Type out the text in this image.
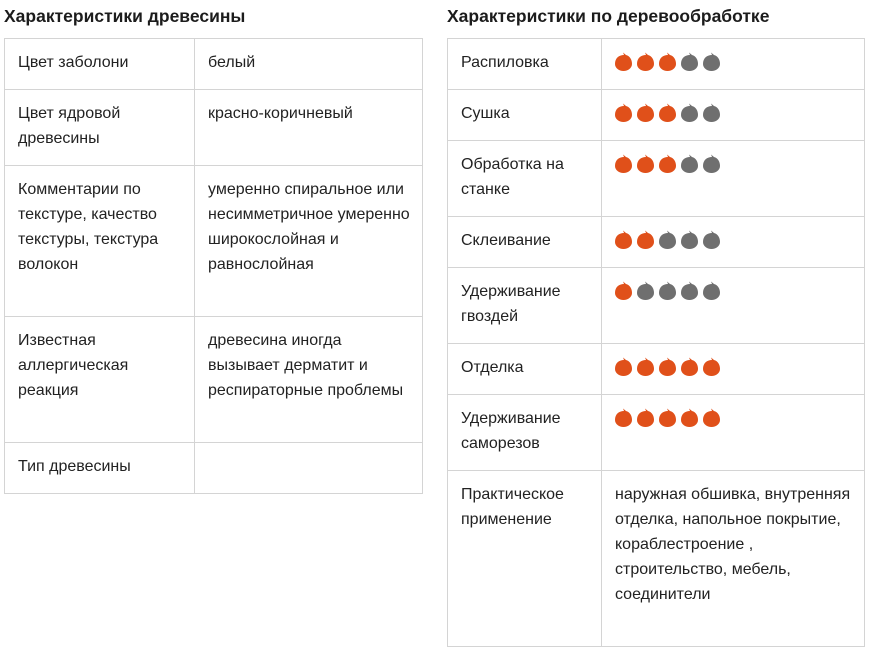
Характеристики древесины
Цвет заболони	белый
Цвет ядровой древесины	красно-коричневый
Комментарии по текстуре, качество текстуры, текстура волокон	умеренно спиральное или несимметричное умеренно широкослойная и равнослойная
Известная аллергическая реакция	древесина иногда вызывает дерматит и респираторные проблемы
Тип древесины	
Характеристики по деревообработке
Распиловка	

Сушка	

Обработка на станке	

Склеивание	

Удерживание гвоздей	

Отделка	

Удерживание саморезов	

Практическое применение	наружная обшивка, внутренняя отделка, напольное покрытие, кораблестроение , строительство, мебель, соединители
